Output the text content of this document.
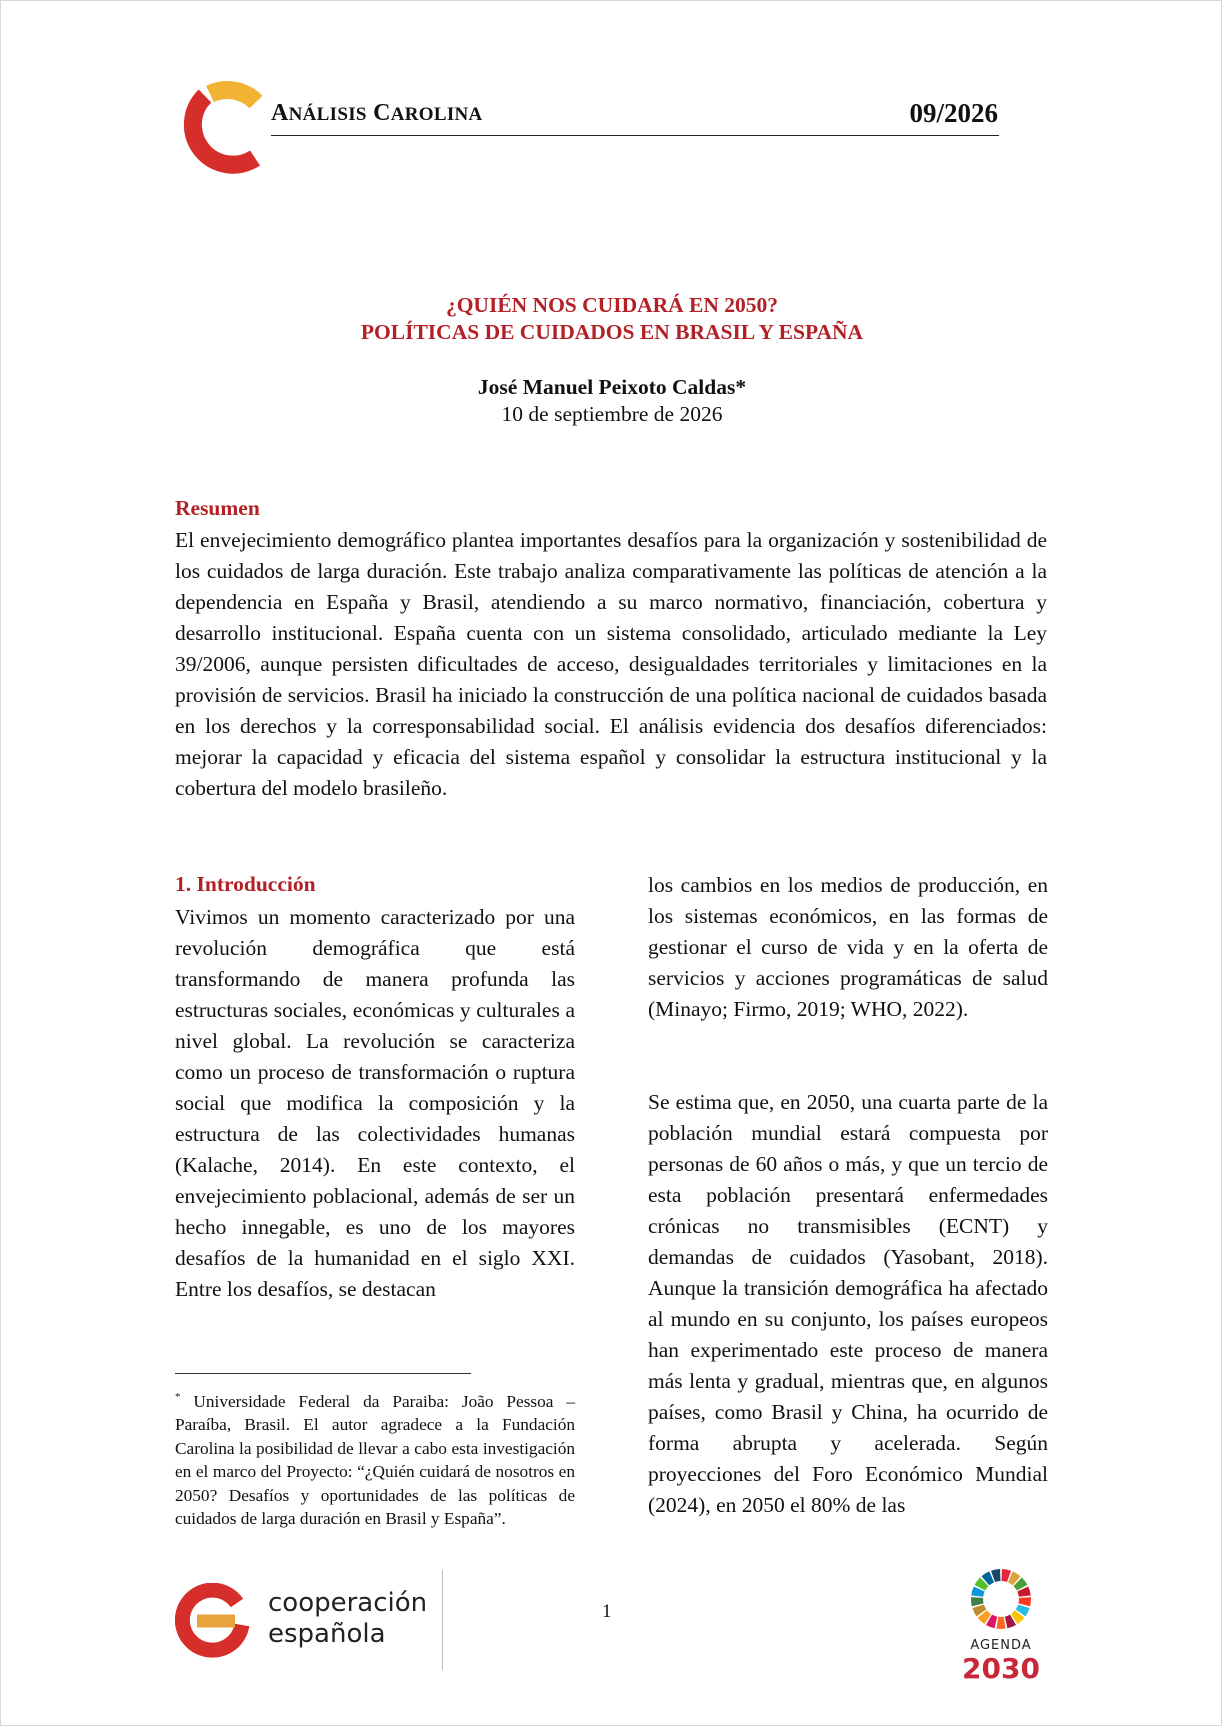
ANÁLISIS CAROLINA	09/2026
¿QUIÉN NOS CUIDARÁ EN 2050?
POLÍTICAS DE CUIDADOS EN BRASIL Y ESPAÑA
José Manuel Peixoto Caldas*
10 de septiembre de 2026
Resumen

El envejecimiento demográfico plantea importantes desafíos para la organización y sostenibilidad de los cuidados de larga duración. Este trabajo analiza comparativamente las políticas de atención a la dependencia en España y Brasil, atendiendo a su marco normativo, financiación, cobertura y desarrollo institucional. España cuenta con un sistema consolidado, articulado mediante la Ley 39/2006, aunque persisten dificultades de acceso, desigualdades territoriales y limitaciones en la provisión de servicios. Brasil ha iniciado la construcción de una política nacional de cuidados basada en los derechos y la corresponsabilidad social. El análisis evidencia dos desafíos diferenciados: mejorar la capacidad y eficacia del sistema español y consolidar la estructura institucional y la cobertura del modelo brasileño.

1. Introducción

Vivimos un momento caracterizado por una revolución demográfica que está transformando de manera profunda las estructuras sociales, económicas y culturales a nivel global. La revolución se caracteriza como un proceso de transformación o ruptura social que modifica la composición y la estructura de las colectividades humanas (Kalache, 2014). En este contexto, el envejecimiento poblacional, además de ser un hecho innegable, es uno de los mayores desafíos de la humanidad en el siglo XXI. Entre los desafíos, se destacan

los cambios en los medios de producción, en los sistemas económicos, en las formas de gestionar el curso de vida y en la oferta de servicios y acciones programáticas de salud (Minayo; Firmo, 2019; WHO, 2022).

Se estima que, en 2050, una cuarta parte de la población mundial estará compuesta por personas de 60 años o más, y que un tercio de esta población presentará enfermedades crónicas no transmisibles (ECNT) y demandas de cuidados (Yasobant, 2018). Aunque la transición demográfica ha afectado al mundo en su conjunto, los países europeos han experimentado este proceso de manera más lenta y gradual, mientras que, en algunos países, como Brasil y China, ha ocurrido de forma abrupta y acelerada. Según proyecciones del Foro Económico Mundial (2024), en 2050 el 80% de las

* Universidade Federal da Paraiba: João Pessoa – Paraíba, Brasil. El autor agradece a la Fundación Carolina la posibilidad de llevar a cabo esta investigación en el marco del Proyecto: “¿Quién cuidará de nosotros en 2050? Desafíos y oportunidades de las políticas de cuidados de larga duración en Brasil y España”.

cooperación
española
1
AGENDA
2030
